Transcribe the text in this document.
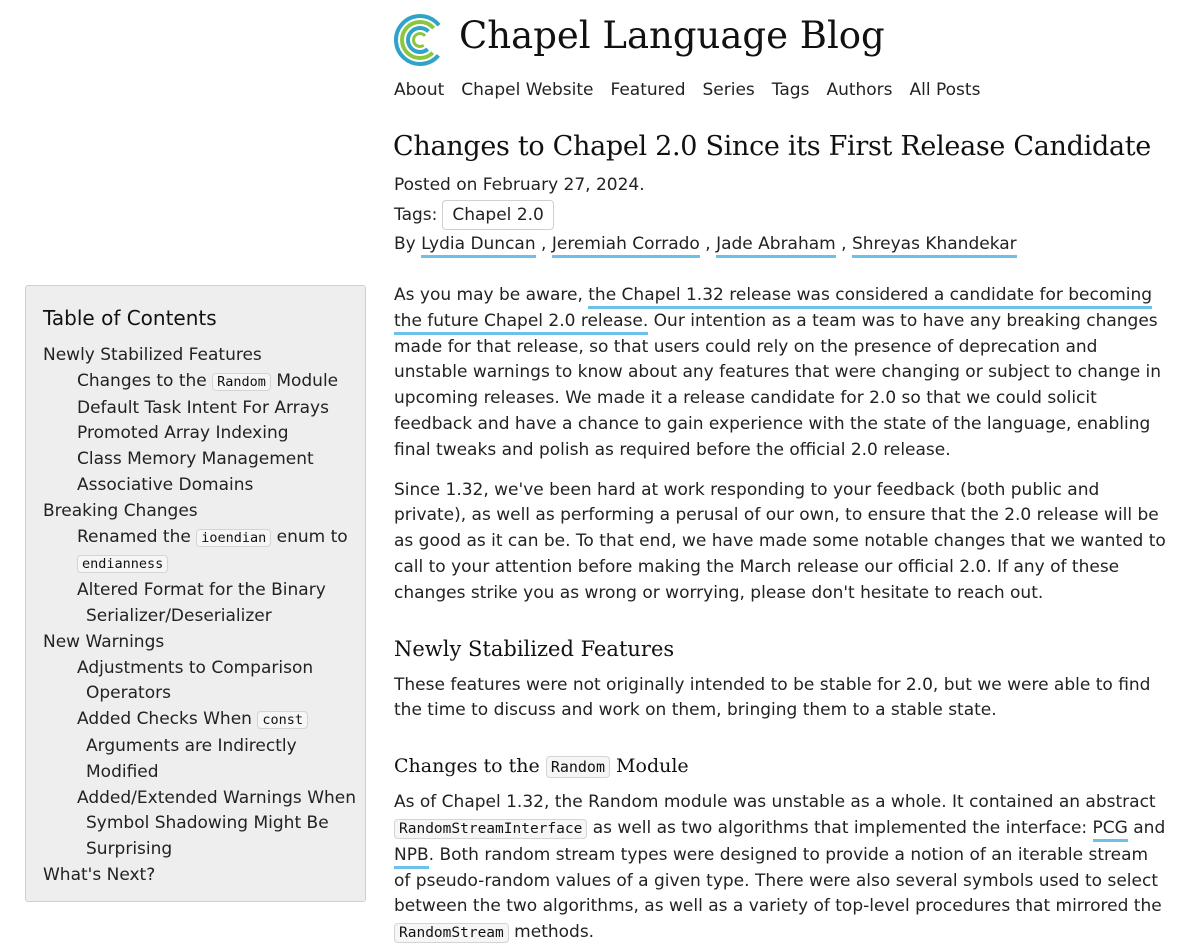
Chapel Language Blog
About Chapel Website Featured Series Tags Authors All Posts
Changes to Chapel 2.0 Since its First Release Candidate
Posted on February 27, 2024.
Tags: Chapel 2.0
By Lydia Duncan , Jeremiah Corrado , Jade Abraham , Shreyas Khandekar
Table of Contents
Newly Stabilized Features
Changes to the Random Module
Default Task Intent For Arrays
Promoted Array Indexing
Class Memory Management
Associative Domains
Breaking Changes
Renamed the ioendian enum to
endianness
Altered Format for the Binary
Serializer/Deserializer
New Warnings
Adjustments to Comparison
Operators
Added Checks When const
Arguments are Indirectly
Modified
Added/Extended Warnings When
Symbol Shadowing Might Be
Surprising
What's Next?

As you may be aware, the Chapel 1.32 release was considered a candidate for becoming the future Chapel 2.0 release. Our intention as a team was to have any breaking changes made for that release, so that users could rely on the presence of deprecation and unstable warnings to know about any features that were changing or subject to change in upcoming releases. We made it a release candidate for 2.0 so that we could solicit feedback and have a chance to gain experience with the state of the language, enabling final tweaks and polish as required before the official 2.0 release.

Since 1.32, we've been hard at work responding to your feedback (both public and private), as well as performing a perusal of our own, to ensure that the 2.0 release will be as good as it can be. To that end, we have made some notable changes that we wanted to call to your attention before making the March release our official 2.0. If any of these changes strike you as wrong or worrying, please don't hesitate to reach out.

Newly Stabilized Features

These features were not originally intended to be stable for 2.0, but we were able to find the time to discuss and work on them, bringing them to a stable state.

Changes to the Random Module

As of Chapel 1.32, the Random module was unstable as a whole. It contained an abstract RandomStreamInterface as well as two algorithms that implemented the interface: PCG and NPB. Both random stream types were designed to provide a notion of an iterable stream of pseudo-random values of a given type. There were also several symbols used to select between the two algorithms, as well as a variety of top-level procedures that mirrored the RandomStream methods.
